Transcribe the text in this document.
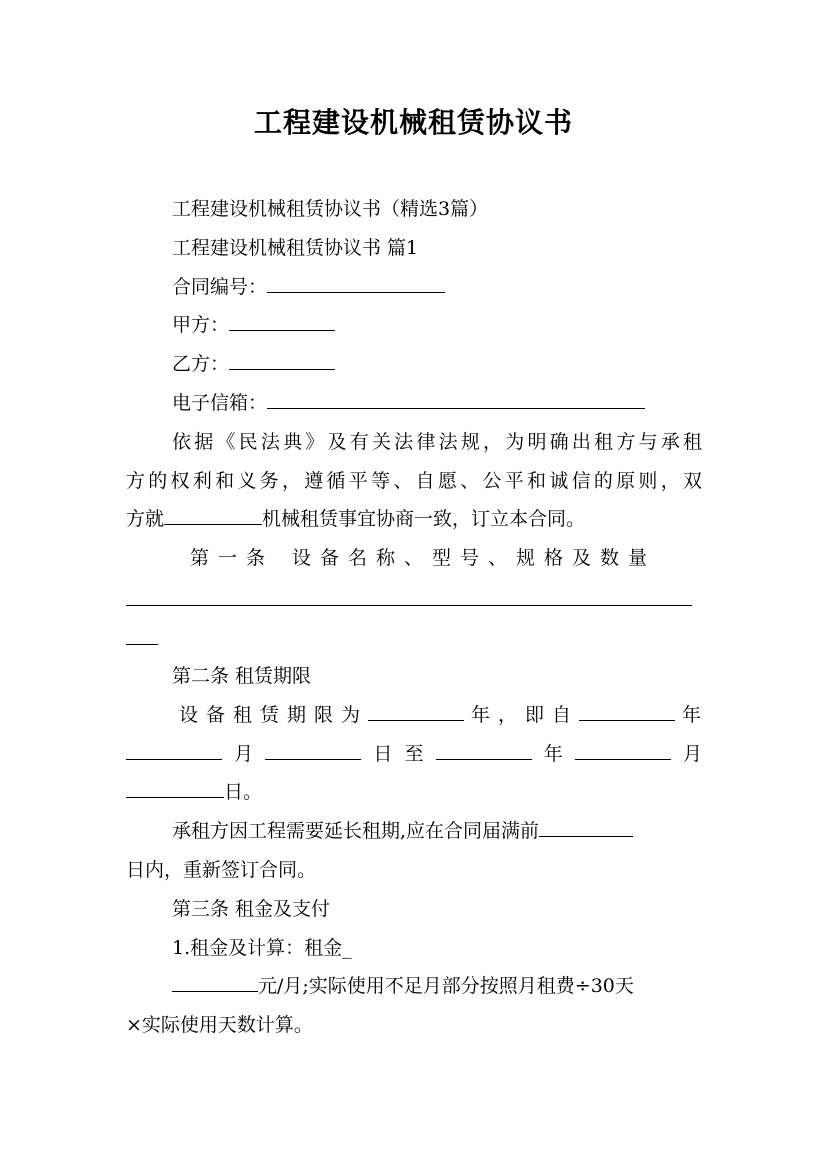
工程建设机械租赁协议书

工程建设机械租赁协议书（精选3篇）

工程建设机械租赁协议书 篇1

合同编号：

甲方：

乙方：

电子信箱：

依据《民法典》及有关法律法规，为明确出租方与承租

方的权利和义务，遵循平等、自愿、公平和诚信的原则，双

方就	机械租赁事宜协商一致，订立本合同。

第一条 设备名称、型号、规格及数量

第二条 租赁期限

设备租赁期限为	年，即自	年

月	日至	年	月

日。

承租方因工程需要延长租期,应在合同届满前

日内，重新签订合同。

第三条 租金及支付

1.租金及计算：租金_

元/月;实际使用不足月部分按照月租费÷30天

×实际使用天数计算。
